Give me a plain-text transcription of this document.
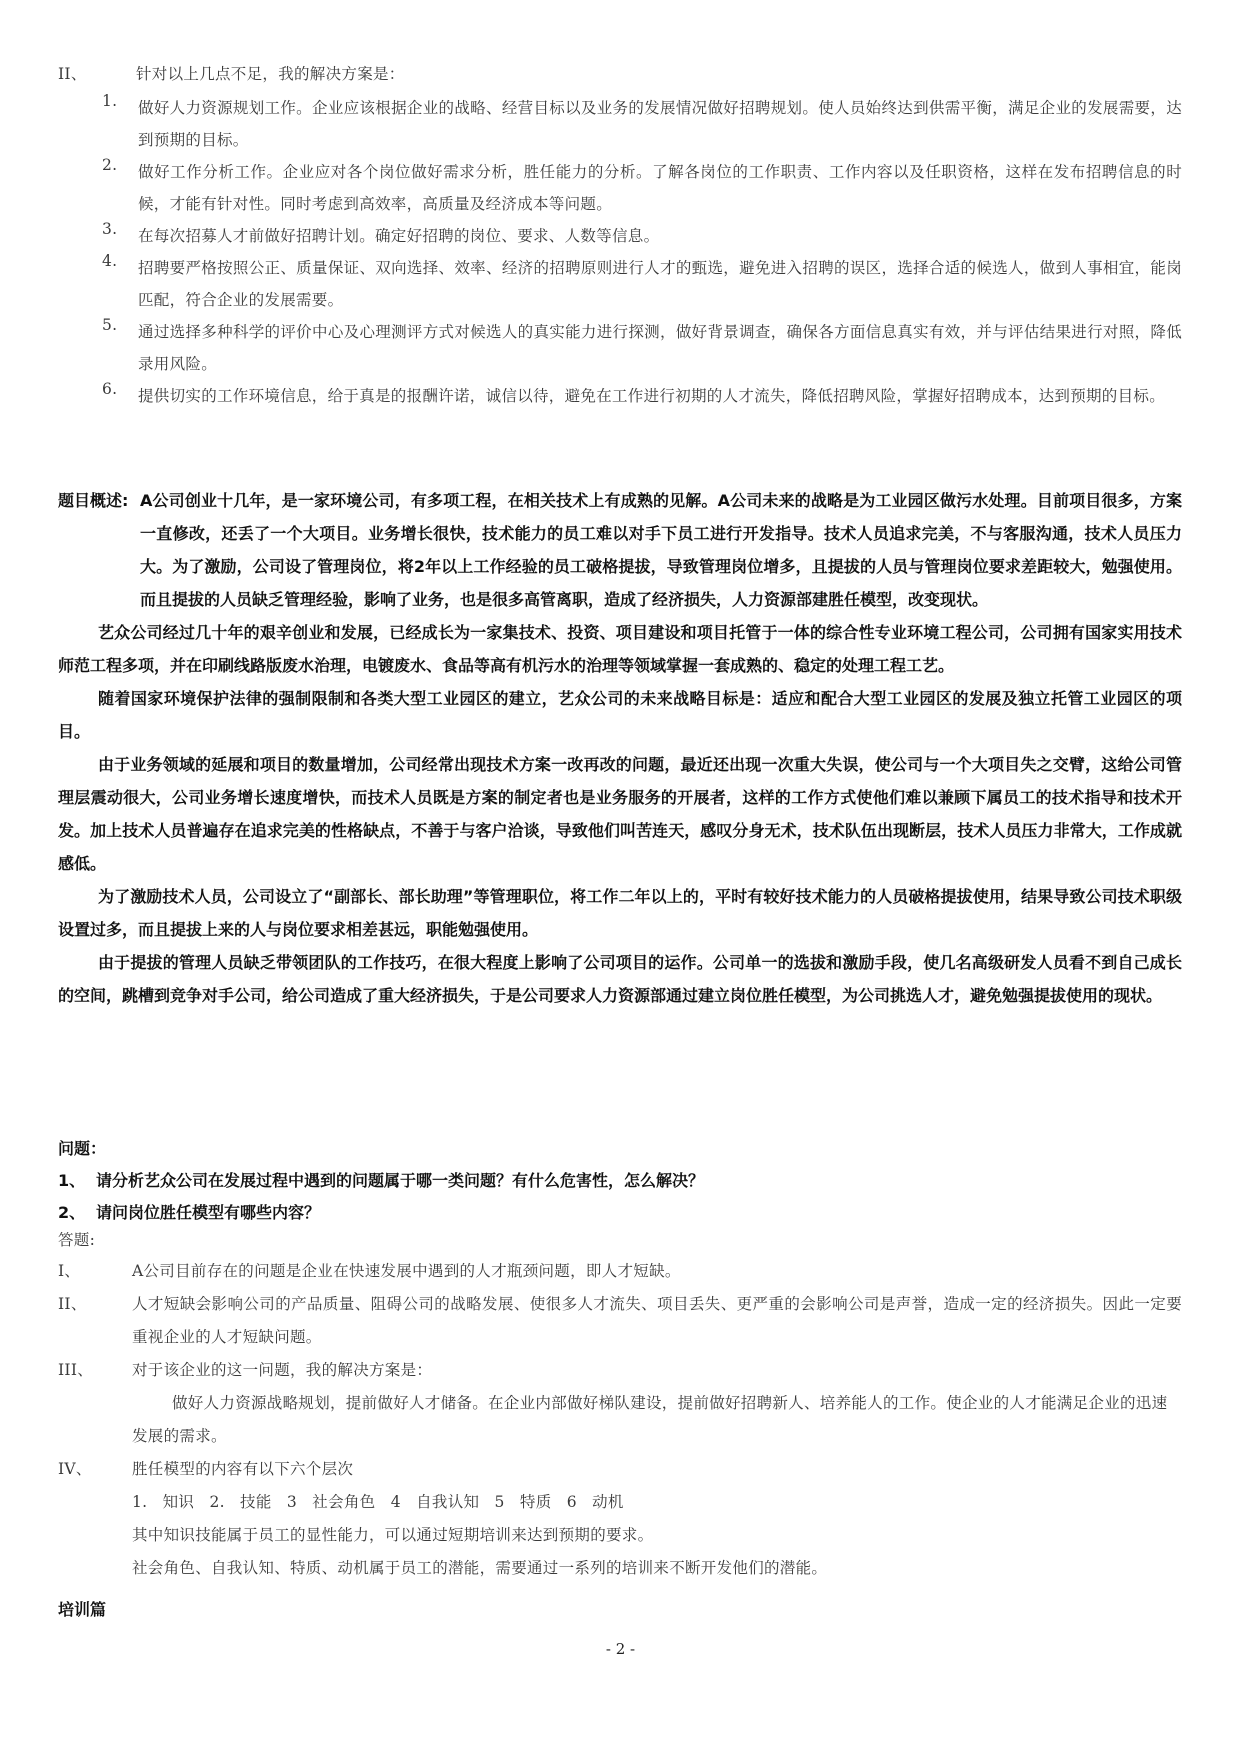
II、	针对以上几点不足，我的解决方案是：
1.	做好人力资源规划工作。企业应该根据企业的战略、经营目标以及业务的发展情况做好招聘规划。使人员始终达到供需平衡，满足企业的发展需要，达到预期的目标。
2.	做好工作分析工作。企业应对各个岗位做好需求分析，胜任能力的分析。了解各岗位的工作职责、工作内容以及任职资格，这样在发布招聘信息的时候，才能有针对性。同时考虑到高效率，高质量及经济成本等问题。
3.	在每次招募人才前做好招聘计划。确定好招聘的岗位、要求、人数等信息。
4.	招聘要严格按照公正、质量保证、双向选择、效率、经济的招聘原则进行人才的甄选，避免进入招聘的误区，选择合适的候选人，做到人事相宜，能岗匹配，符合企业的发展需要。
5.	通过选择多种科学的评价中心及心理测评方式对候选人的真实能力进行探测，做好背景调查，确保各方面信息真实有效，并与评估结果进行对照，降低录用风险。
6.	提供切实的工作环境信息，给于真是的报酬许诺，诚信以待，避免在工作进行初期的人才流失，降低招聘风险，掌握好招聘成本，达到预期的目标。
题目概述: A公司创业十几年，是一家环境公司，有多项工程，在相关技术上有成熟的见解。A公司未来的战略是为工业园区做污水处理。目前项目很多，方案一直修改，还丢了一个大项目。业务增长很快，技术能力的员工难以对手下员工进行开发指导。技术人员追求完美，不与客服沟通，技术人员压力大。为了激励，公司设了管理岗位，将2年以上工作经验的员工破格提拔，导致管理岗位增多，且提拔的人员与管理岗位要求差距较大，勉强使用。而且提拔的人员缺乏管理经验，影响了业务，也是很多高管离职，造成了经济损失，人力资源部建胜任模型，改变现状。
艺众公司经过几十年的艰辛创业和发展，已经成长为一家集技术、投资、项目建设和项目托管于一体的综合性专业环境工程公司，公司拥有国家实用技术师范工程多项，并在印刷线路版废水治理，电镀废水、食品等高有机污水的治理等领域掌握一套成熟的、稳定的处理工程工艺。
随着国家环境保护法律的强制限制和各类大型工业园区的建立，艺众公司的未来战略目标是：适应和配合大型工业园区的发展及独立托管工业园区的项目。
由于业务领域的延展和项目的数量增加，公司经常出现技术方案一改再改的问题，最近还出现一次重大失误，使公司与一个大项目失之交臂，这给公司管理层震动很大，公司业务增长速度增快，而技术人员既是方案的制定者也是业务服务的开展者，这样的工作方式使他们难以兼顾下属员工的技术指导和技术开发。加上技术人员普遍存在追求完美的性格缺点，不善于与客户洽谈，导致他们叫苦连天，感叹分身无术，技术队伍出现断层，技术人员压力非常大，工作成就感低。
为了激励技术人员，公司设立了“副部长、部长助理”等管理职位，将工作二年以上的，平时有较好技术能力的人员破格提拔使用，结果导致公司技术职级设置过多，而且提拔上来的人与岗位要求相差甚远，职能勉强使用。
由于提拔的管理人员缺乏带领团队的工作技巧，在很大程度上影响了公司项目的运作。公司单一的选拔和激励手段，使几名高级研发人员看不到自己成长的空间，跳槽到竞争对手公司，给公司造成了重大经济损失，于是公司要求人力资源部通过建立岗位胜任模型，为公司挑选人才，避免勉强提拔使用的现状。
问题：
1、 请分析艺众公司在发展过程中遇到的问题属于哪一类问题？有什么危害性，怎么解决？
2、 请问岗位胜任模型有哪些内容？
答题:
I、	A公司目前存在的问题是企业在快速发展中遇到的人才瓶颈问题，即人才短缺。
II、	人才短缺会影响公司的产品质量、阻碍公司的战略发展、使很多人才流失、项目丢失、更严重的会影响公司是声誉，造成一定的经济损失。因此一定要重视企业的人才短缺问题。
III、	对于该企业的这一问题，我的解决方案是：
做好人力资源战略规划，提前做好人才储备。在企业内部做好梯队建设，提前做好招聘新人、培养能人的工作。使企业的人才能满足企业的迅速发展的需求。
IV、	胜任模型的内容有以下六个层次
1. 知识 2. 技能 3 社会角色 4 自我认知 5 特质 6 动机
其中知识技能属于员工的显性能力，可以通过短期培训来达到预期的要求。
社会角色、自我认知、特质、动机属于员工的潜能，需要通过一系列的培训来不断开发他们的潜能。
培训篇
- 2 -
